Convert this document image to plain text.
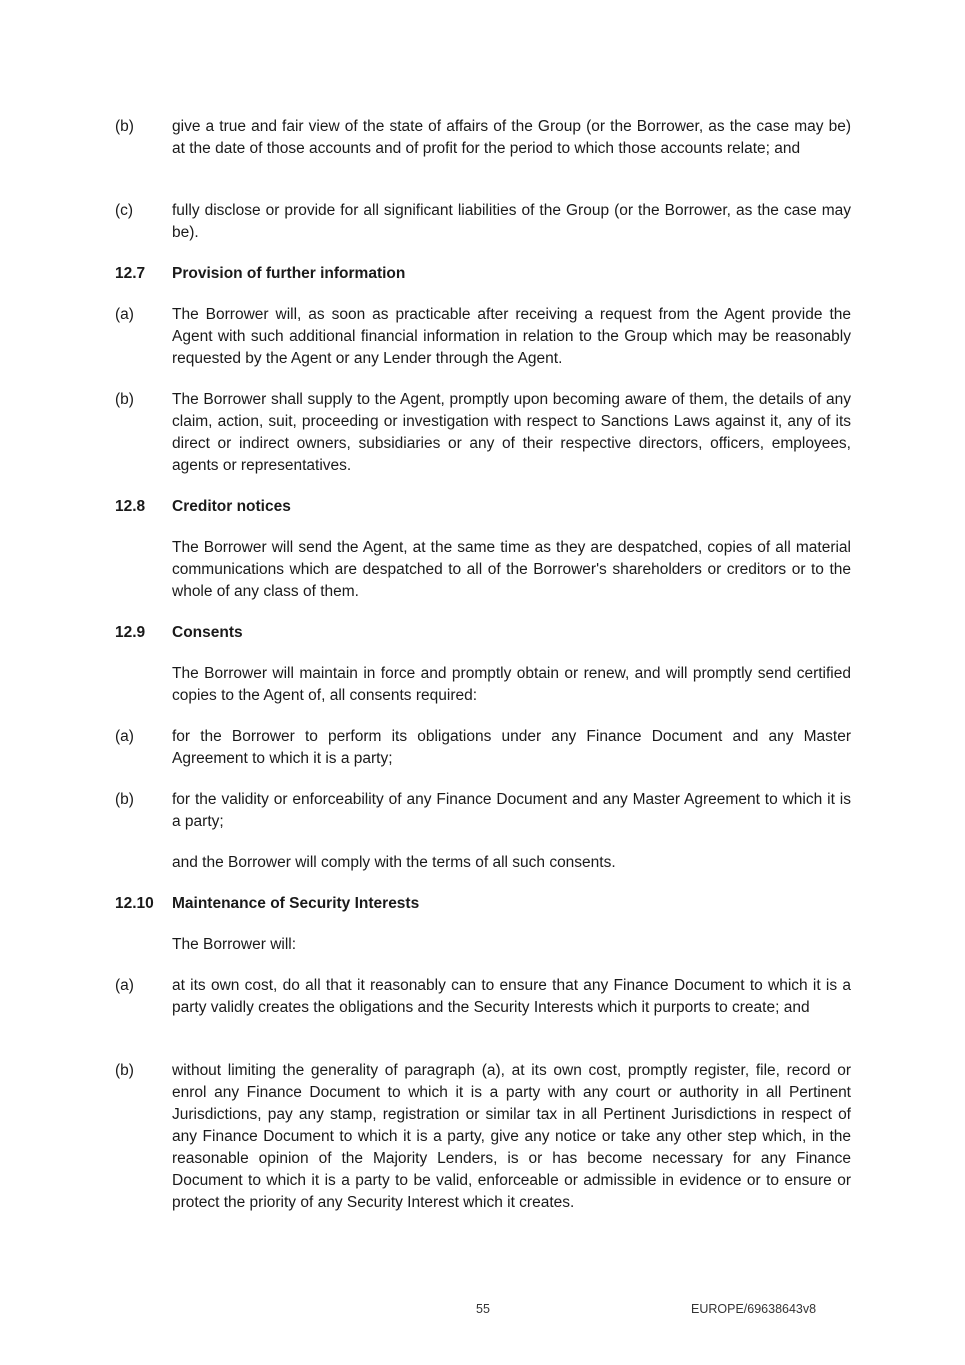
(b)	give a true and fair view of the state of affairs of the Group (or the Borrower, as the case may be) at the date of those accounts and of profit for the period to which those accounts relate; and
(c)	fully disclose or provide for all significant liabilities of the Group (or the Borrower, as the case may be).
12.7	Provision of further information
(a)	The Borrower will, as soon as practicable after receiving a request from the Agent provide the Agent with such additional financial information in relation to the Group which may be reasonably requested by the Agent or any Lender through the Agent.
(b)	The Borrower shall supply to the Agent, promptly upon becoming aware of them, the details of any claim, action, suit, proceeding or investigation with respect to Sanctions Laws against it, any of its direct or indirect owners, subsidiaries or any of their respective directors, officers, employees, agents or representatives.
12.8	Creditor notices
The Borrower will send the Agent, at the same time as they are despatched, copies of all material communications which are despatched to all of the Borrower's shareholders or creditors or to the whole of any class of them.
12.9	Consents
The Borrower will maintain in force and promptly obtain or renew, and will promptly send certified copies to the Agent of, all consents required:
(a)	for the Borrower to perform its obligations under any Finance Document and any Master Agreement to which it is a party;
(b)	for the validity or enforceability of any Finance Document and any Master Agreement to which it is a party;
and the Borrower will comply with the terms of all such consents.
12.10	Maintenance of Security Interests
The Borrower will:
(a)	at its own cost, do all that it reasonably can to ensure that any Finance Document to which it is a party validly creates the obligations and the Security Interests which it purports to create; and
(b)	without limiting the generality of paragraph (a), at its own cost, promptly register, file, record or enrol any Finance Document to which it is a party with any court or authority in all Pertinent Jurisdictions, pay any stamp, registration or similar tax in all Pertinent Jurisdictions in respect of any Finance Document to which it is a party, give any notice or take any other step which, in the reasonable opinion of the Majority Lenders, is or has become necessary for any Finance Document to which it is a party to be valid, enforceable or admissible in evidence or to ensure or protect the priority of any Security Interest which it creates.
55	EUROPE/69638643v8
